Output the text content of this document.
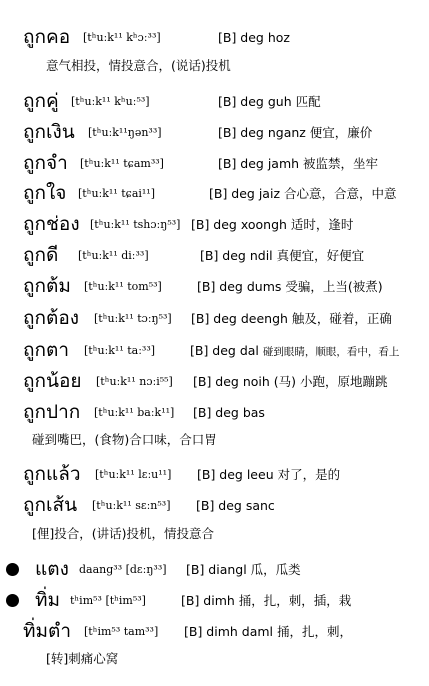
ถูกคอ [tʰuːk¹¹ kʰɔː³³]	[B] deg hoz
意气相投，情投意合，(说话)投机
ถูกคู่ [tʰuːk¹¹ kʰuː⁵³]	[B] deg guh 匹配
ถูกเงิน [tʰuːk¹¹ŋən³³]	[B] deg nganz 便宜，廉价
ถูกจำ [tʰuːk¹¹ tɕam³³]	[B] deg jamh 被监禁，坐牢
ถูกใจ [tʰuːk¹¹ tɕai¹¹]	[B] deg jaiz 合心意，合意，中意
ถูกช่อง [tʰuːk¹¹ tshɔːŋ⁵³] [B] deg xoongh 适时，逢时
ถูกดี [tʰuːk¹¹ diː³³]	[B] deg ndil 真便宜，好便宜
ถูกต้ม [tʰuːk¹¹ tom⁵³]	[B] deg dums 受骗，上当(被煮)
ถูกต้อง [tʰuːk¹¹ tɔːŋ⁵³] [B] deg deengh 触及，碰着，正确
ถูกตา [tʰuːk¹¹ taː³³]	[B] deg dal 碰到眼睛，顺眼，看中，看上
ถูกน้อย [tʰuːk¹¹ nɔːi⁵⁵] [B] deg noih (马) 小跑，原地蹦跳
ถูกปาก [tʰuːk¹¹ baːk¹¹] [B] deg bas
碰到嘴巴，(食物)合口味，合口胃
ถูกแล้ว [tʰuːk¹¹ lɛːu¹¹] [B] deg leeu 对了，是的
ถูกเส้น [tʰuːk¹¹ sɛːn⁵³] [B] deg sanc
[俚]投合，(讲话)投机，情投意合
แตง daang³³ [dɛːŋ³³] [B] diangl 瓜，瓜类
ทิ่ม tʰim⁵³ [tʰim⁵³]	[B] dimh 捅，扎，刺，插，栽
ทิ่มตำ [tʰim⁵³ tam³³] [B] dimh daml 捅，扎，刺，
[转]刺痛心窝
